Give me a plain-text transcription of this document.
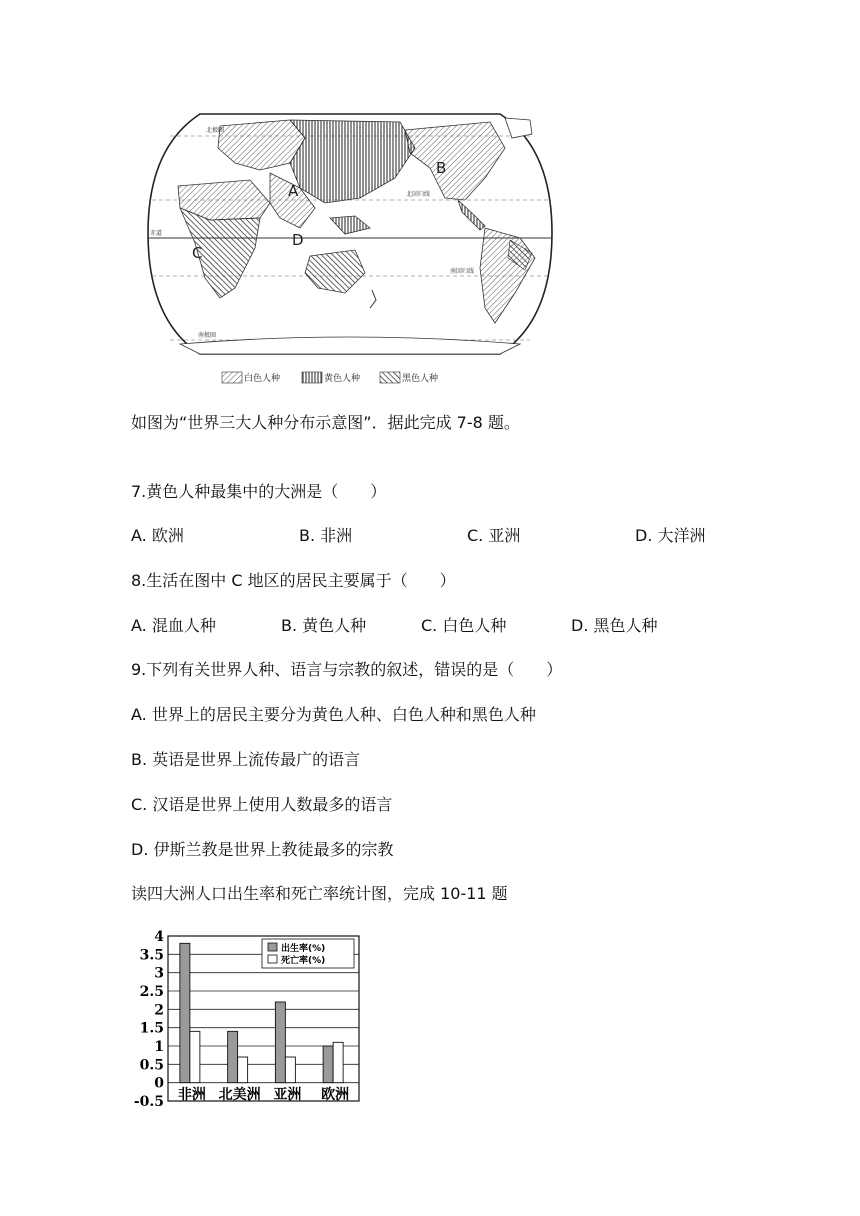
A
B
C
D
北极圈
北回归线
赤道
南回归线
南极圈
白色人种	黄色人种	黑色人种
如图为“世界三大人种分布示意图”．据此完成 7-8 题。
7.黄色人种最集中的大洲是（　　）
A. 欧洲	B. 非洲	C. 亚洲	D. 大洋洲
8.生活在图中 C 地区的居民主要属于（　　）
A. 混血人种	B. 黄色人种	C. 白色人种	D. 黑色人种
9.下列有关世界人种、语言与宗教的叙述，错误的是（　　）
A. 世界上的居民主要分为黄色人种、白色人种和黑色人种
B. 英语是世界上流传最广的语言
C. 汉语是世界上使用人数最多的语言
D. 伊斯兰教是世界上教徒最多的宗教
读四大洲人口出生率和死亡率统计图，完成 10-11 题
4
3.5
3
2.5
2
1.5
1
0.5
0
-0.5 非洲 北美洲 亚洲 欧洲
出生率(%)
死亡率(%)
